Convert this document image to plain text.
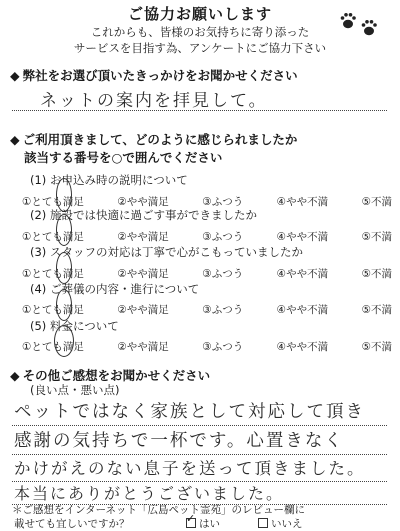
ご協力お願いします
これからも、皆様のお気持ちに寄り添った
サービスを目指す為、アンケートにご協力下さい
◆ 弊社をお選び頂いたきっかけをお聞かせください
ネットの案内を拝見して。
◆ ご利用頂きまして、どのように感じられましたか
該当する番号を○で囲んでください
(1) お申込み時の説明について
①とても満足	②やや満足	③ふつう	④やや不満	⑤不満
(2) 施設では快適に過ごす事ができましたか
①とても満足	②やや満足	③ふつう	④やや不満	⑤不満
(3) スタッフの対応は丁寧で心がこもっていましたか
①とても満足	②やや満足	③ふつう	④やや不満	⑤不満
(4) ご葬儀の内容・進行について
①とても満足	②やや満足	③ふつう	④やや不満	⑤不満
(5) 料金について
①とても満足	②やや満足	③ふつう	④やや不満	⑤不満
◆ その他ご感想をお聞かせください
(良い点・悪い点)
ペットではなく家族として対応して頂き
感謝の気持ちで一杯です。心置きなく
かけがえのない息子を送って頂きました。
本当にありがとうございました。
＊ご感想をインターネット「広島ペット霊苑」のレビュー欄に
載せても宜しいですか？
✓	はい	いいえ
